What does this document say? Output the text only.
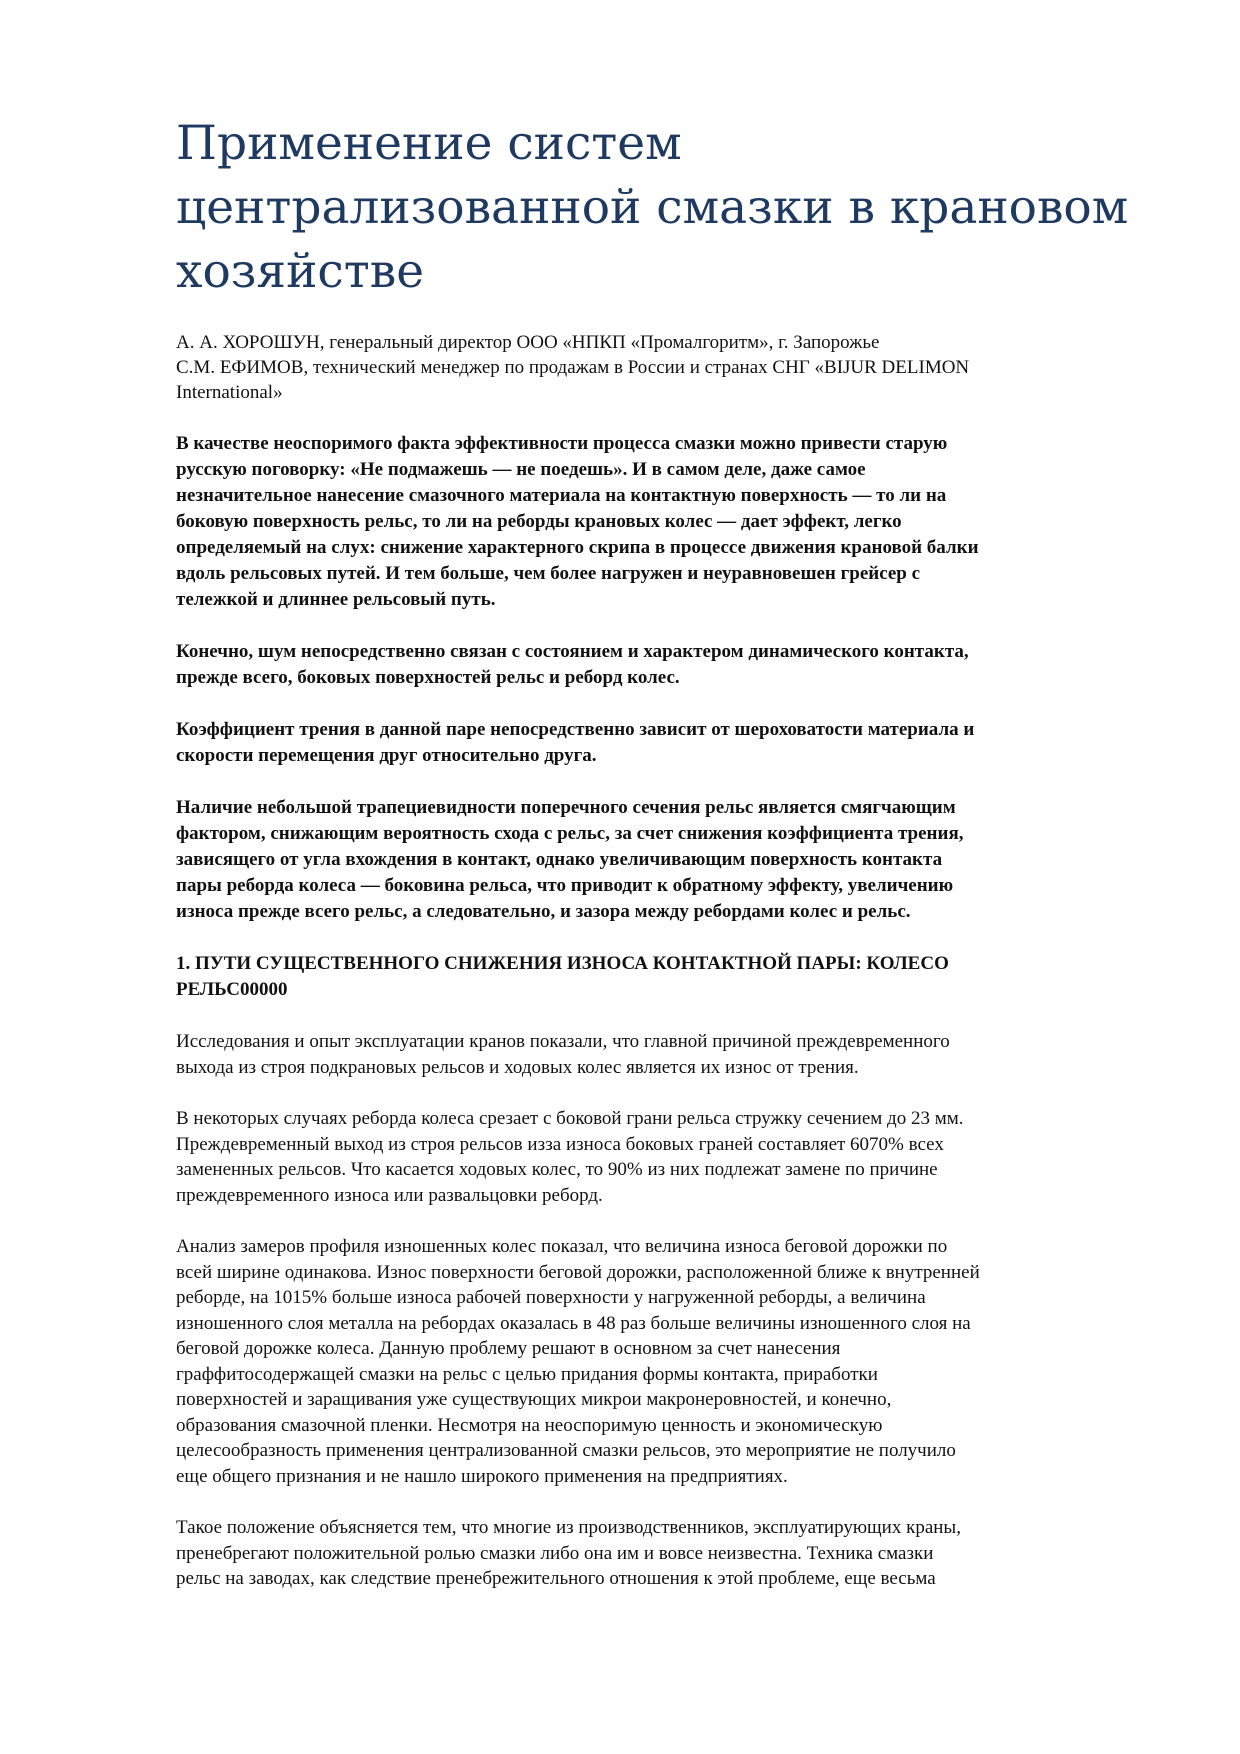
Применение систем
централизованной смазки в крановом
хозяйстве
А. А. ХОРОШУН, генеральный директор ООО «НПКП «Промалгоритм», г. Запорожье
С.М. ЕФИМОВ, технический менеджер по продажам в России и странах СНГ «BIJUR DELIMON
International»
В качестве неоспоримого факта эффективности процесса смазки можно привести старую
русскую поговорку: «Не подмажешь — не поедешь». И в самом деле, даже самое
незначительное нанесение смазочного материала на контактную поверхность — то ли на
боковую поверхность рельс, то ли на реборды крановых колес — дает эффект, легко
определяемый на слух: снижение характерного скрипа в процессе движения крановой балки
вдоль рельсовых путей. И тем больше, чем более нагружен и неуравновешен грейсер с
тележкой и длиннее рельсовый путь.
Конечно, шум непосредственно связан с состоянием и характером динамического контакта,
прежде всего, боковых поверхностей рельс и реборд колес.
Коэффициент трения в данной паре непосредственно зависит от шероховатости материала и
скорости перемещения друг относительно друга.
Наличие небольшой трапециевидности поперечного сечения рельс является смягчающим
фактором, снижающим вероятность схода с рельс, за счет снижения коэффициента трения,
зависящего от угла вхождения в контакт, однако увеличивающим поверхность контакта
пары реборда колеса — боковина рельса, что приводит к обратному эффекту, увеличению
износа прежде всего рельс, а следовательно, и зазора между ребордами колес и рельс.
1. ПУТИ СУЩЕСТВЕННОГО СНИЖЕНИЯ ИЗНОСА КОНТАКТНОЙ ПАРЫ: КОЛЕСО
РЕЛЬС00000
Исследования и опыт эксплуатации кранов показали, что главной причиной преждевременного
выхода из строя подкрановых рельсов и ходовых колес является их износ от трения.
В некоторых случаях реборда колеса срезает с боковой грани рельса стружку сечением до 23 мм.
Преждевременный выход из строя рельсов изза износа боковых граней составляет 6070% всех
замененных рельсов. Что касается ходовых колес, то 90% из них подлежат замене по причине
преждевременного износа или развальцовки реборд.
Анализ замеров профиля изношенных колес показал, что величина износа беговой дорожки по
всей ширине одинакова. Износ поверхности беговой дорожки, расположенной ближе к внутренней
реборде, на 1015% больше износа рабочей поверхности у нагруженной реборды, а величина
изношенного слоя металла на ребордах оказалась в 48 раз больше величины изношенного слоя на
беговой дорожке колеса. Данную проблему решают в основном за счет нанесения
граффитосодержащей смазки на рельс с целью придания формы контакта, приработки
поверхностей и заращивания уже существующих микрои макронеровностей, и конечно,
образования смазочной пленки. Несмотря на неоспоримую ценность и экономическую
целесообразность применения централизованной смазки рельсов, это мероприятие не получило
еще общего признания и не нашло широкого применения на предприятиях.
Такое положение объясняется тем, что многие из производственников, эксплуатирующих краны,
пренебрегают положительной ролью смазки либо она им и вовсе неизвестна. Техника смазки
рельс на заводах, как следствие пренебрежительного отношения к этой проблеме, еще весьма
